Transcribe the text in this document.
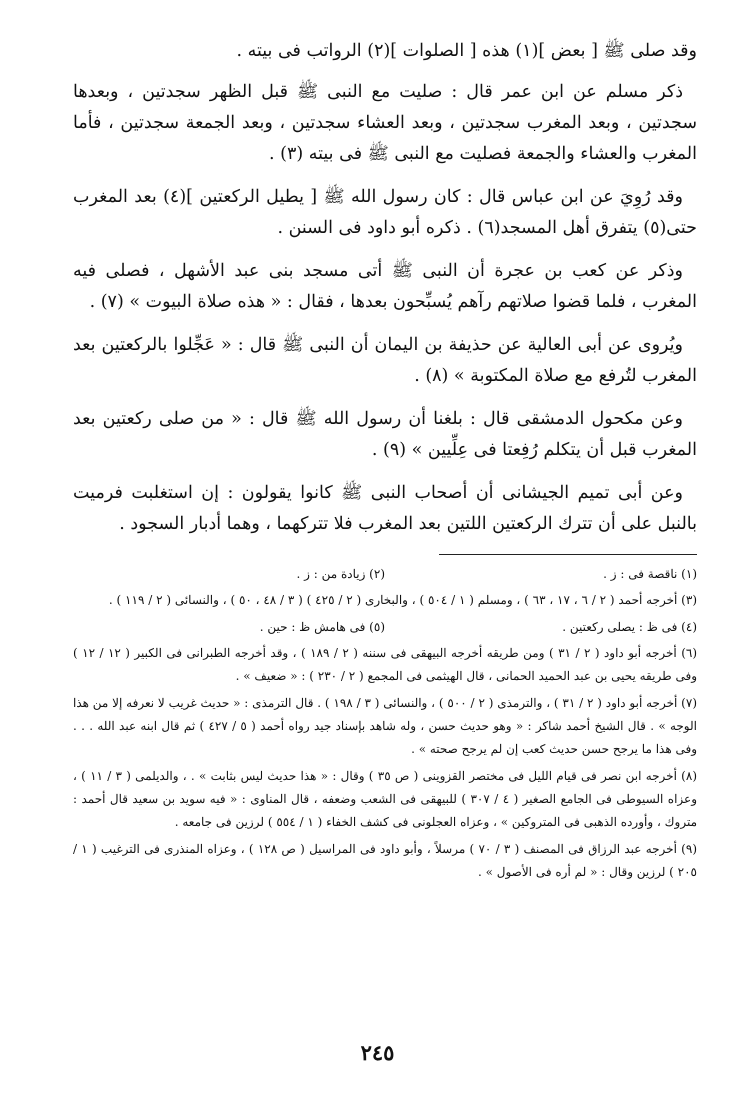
وقد صلى ﷺ [ بعض ](١) هذه [ الصلوات ](٢) الرواتب فى بيته .

ذكر مسلم عن ابن عمر قال : صليت مع النبى ﷺ قبل الظهر سجدتين ، وبعدها سجدتين ، وبعد المغرب سجدتين ، وبعد العشاء سجدتين ، وبعد الجمعة سجدتين ، فأما المغرب والعشاء والجمعة فصليت مع النبى ﷺ فى بيته (٣) .

وقد رُوِيَ عن ابن عباس قال : كان رسول الله ﷺ [ يطيل الركعتين ](٤) بعد المغرب حتى(٥) يتفرق أهل المسجد(٦) . ذكره أبو داود فى السنن .

وذكر عن كعب بن عجرة أن النبى ﷺ أتى مسجد بنى عبد الأشهل ، فصلى فيه المغرب ، فلما قضوا صلاتهم رآهم يُسبِّحون بعدها ، فقال : « هذه صلاة البيوت » (٧) .

ويُروى عن أبى العالية عن حذيفة بن اليمان أن النبى ﷺ قال : « عَجِّلوا بالركعتين بعد المغرب لتُرفع مع صلاة المكتوبة » (٨) .

وعن مكحول الدمشقى قال : بلغنا أن رسول الله ﷺ قال : « من صلى ركعتين بعد المغرب قبل أن يتكلم رُفِعتا فى عِلِّيين » (٩) .

وعن أبى تميم الجيشانى أن أصحاب النبى ﷺ كانوا يقولون : إن استغلبت فرميت بالنبل على أن تترك الركعتين اللتين بعد المغرب فلا تتركهما ، وهما أدبار السجود .

(١) ناقصة فى : ز .
(٢) زيادة من : ز .

(٣) أخرجه أحمد ( ٢ / ٦ ، ١٧ ، ٦٣ ) ، ومسلم ( ١ / ٥٠٤ ) ، والبخارى ( ٢ / ٤٢٥ ) ( ٣ / ٤٨ ، ٥٠ ) ، والنسائى ( ٢ / ١١٩ ) .

(٤) فى ظ : يصلى ركعتين .
(٥) فى هامش ظ : حين .

(٦) أخرجه أبو داود ( ٢ / ٣١ ) ومن طريقه أخرجه البيهقى فى سننه ( ٢ / ١٨٩ ) ، وقد أخرجه الطبرانى فى الكبير ( ١٢ / ١٢ ) وفى طريقه يحيى بن عبد الحميد الحمانى ، قال الهيثمى فى المجمع ( ٢ / ٢٣٠ ) : « ضعيف » .

(٧) أخرجه أبو داود ( ٢ / ٣١ ) ، والترمذى ( ٢ / ٥٠٠ ) ، والنسائى ( ٣ / ١٩٨ ) . قال الترمذى : « حديث غريب لا نعرفه إلا من هذا الوجه » . قال الشيخ أحمد شاكر : « وهو حديث حسن ، وله شاهد بإسناد جيد رواه أحمد ( ٥ / ٤٢٧ ) ثم قال ابنه عبد الله . . . وفى هذا ما يرجح حسن حديث كعب إن لم يرجح صحته » .

(٨) أخرجه ابن نصر فى قيام الليل فى مختصر القزوينى ( ص ٣٥ ) وقال : « هذا حديث ليس بثابت » . ، والديلمى ( ٣ / ١١ ) ، وعزاه السيوطى فى الجامع الصغير ( ٤ / ٣٠٧ ) للبيهقى فى الشعب وضعفه ، قال المناوى : « فيه سويد بن سعيد قال أحمد : متروك ، وأورده الذهبى فى المتروكين » ، وعزاه العجلونى فى كشف الخفاء ( ١ / ٥٥٤ ) لرزين فى جامعه .

(٩) أخرجه عبد الرزاق فى المصنف ( ٣ / ٧٠ ) مرسلاً ، وأبو داود فى المراسيل ( ص ١٢٨ ) ، وعزاه المنذرى فى الترغيب ( ١ / ٢٠٥ ) لرزين وقال : « لم أره فى الأصول » .

٢٤٥
